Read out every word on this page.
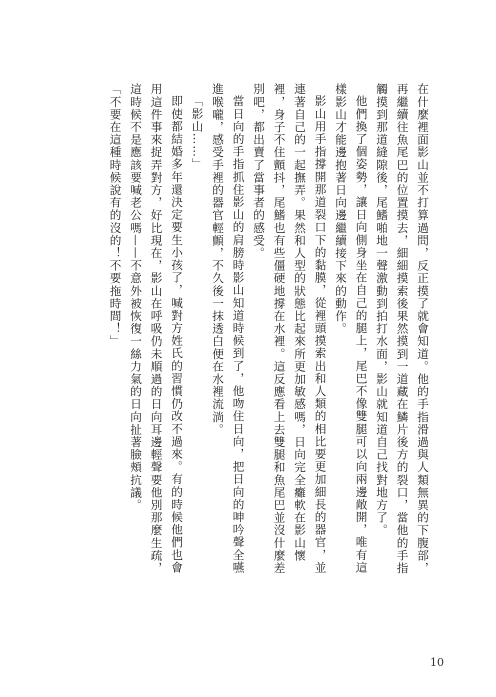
在什麼裡面影山並不打算過問，反正摸了就會知道。他的手指滑過與人類無異的下腹部，再繼續往魚尾巴的位置摸去，細細摸索後果然摸到一道藏在鱗片後方的裂口，當他的手指觸摸到那道縫隙後，尾鰭啪地一聲激動到拍打水面，影山就知道自己找對地方了。

他們換了個姿勢，讓日向側身坐在自己的腿上，尾巴不像雙腿可以向兩邊敞開，唯有這樣影山才能邊抱著日向邊繼續接下來的動作。

影山用手指撐開那道裂口下的黏膜，從裡頭摸索出和人類的相比要更加細長的器官，並連著自己的一起撫弄。果然和人型的狀態比起來所更加敏感嗎，日向完全癱軟在影山懷裡，身子不住顫抖，尾鰭也有些僵硬地撐在水裡。這反應看上去雙腿和魚尾巴並沒什麼差別吧，都出賣了當事者的感受。

當日向的手指抓住影山的肩膀時影山知道時候到了，他吻住日向，把日向的呻吟聲全嚥進喉嚨，感受手裡的器官輕顫，不久後一抹透白便在水裡流淌。

「影山……」

即使都結婚多年還決定要生小孩了，喊對方姓氏的習慣仍改不過來。有的時候他們也會用這件事來捉弄對方，好比現在，影山在呼吸仍未順過的日向耳邊輕聲要他別那麼生疏，這時候不是應該要喊老公嗎——不意外被恢復一絲力氣的日向扯著臉頰抗議。

「不要在這種時候說有的沒的！不要拖時間！」

10
